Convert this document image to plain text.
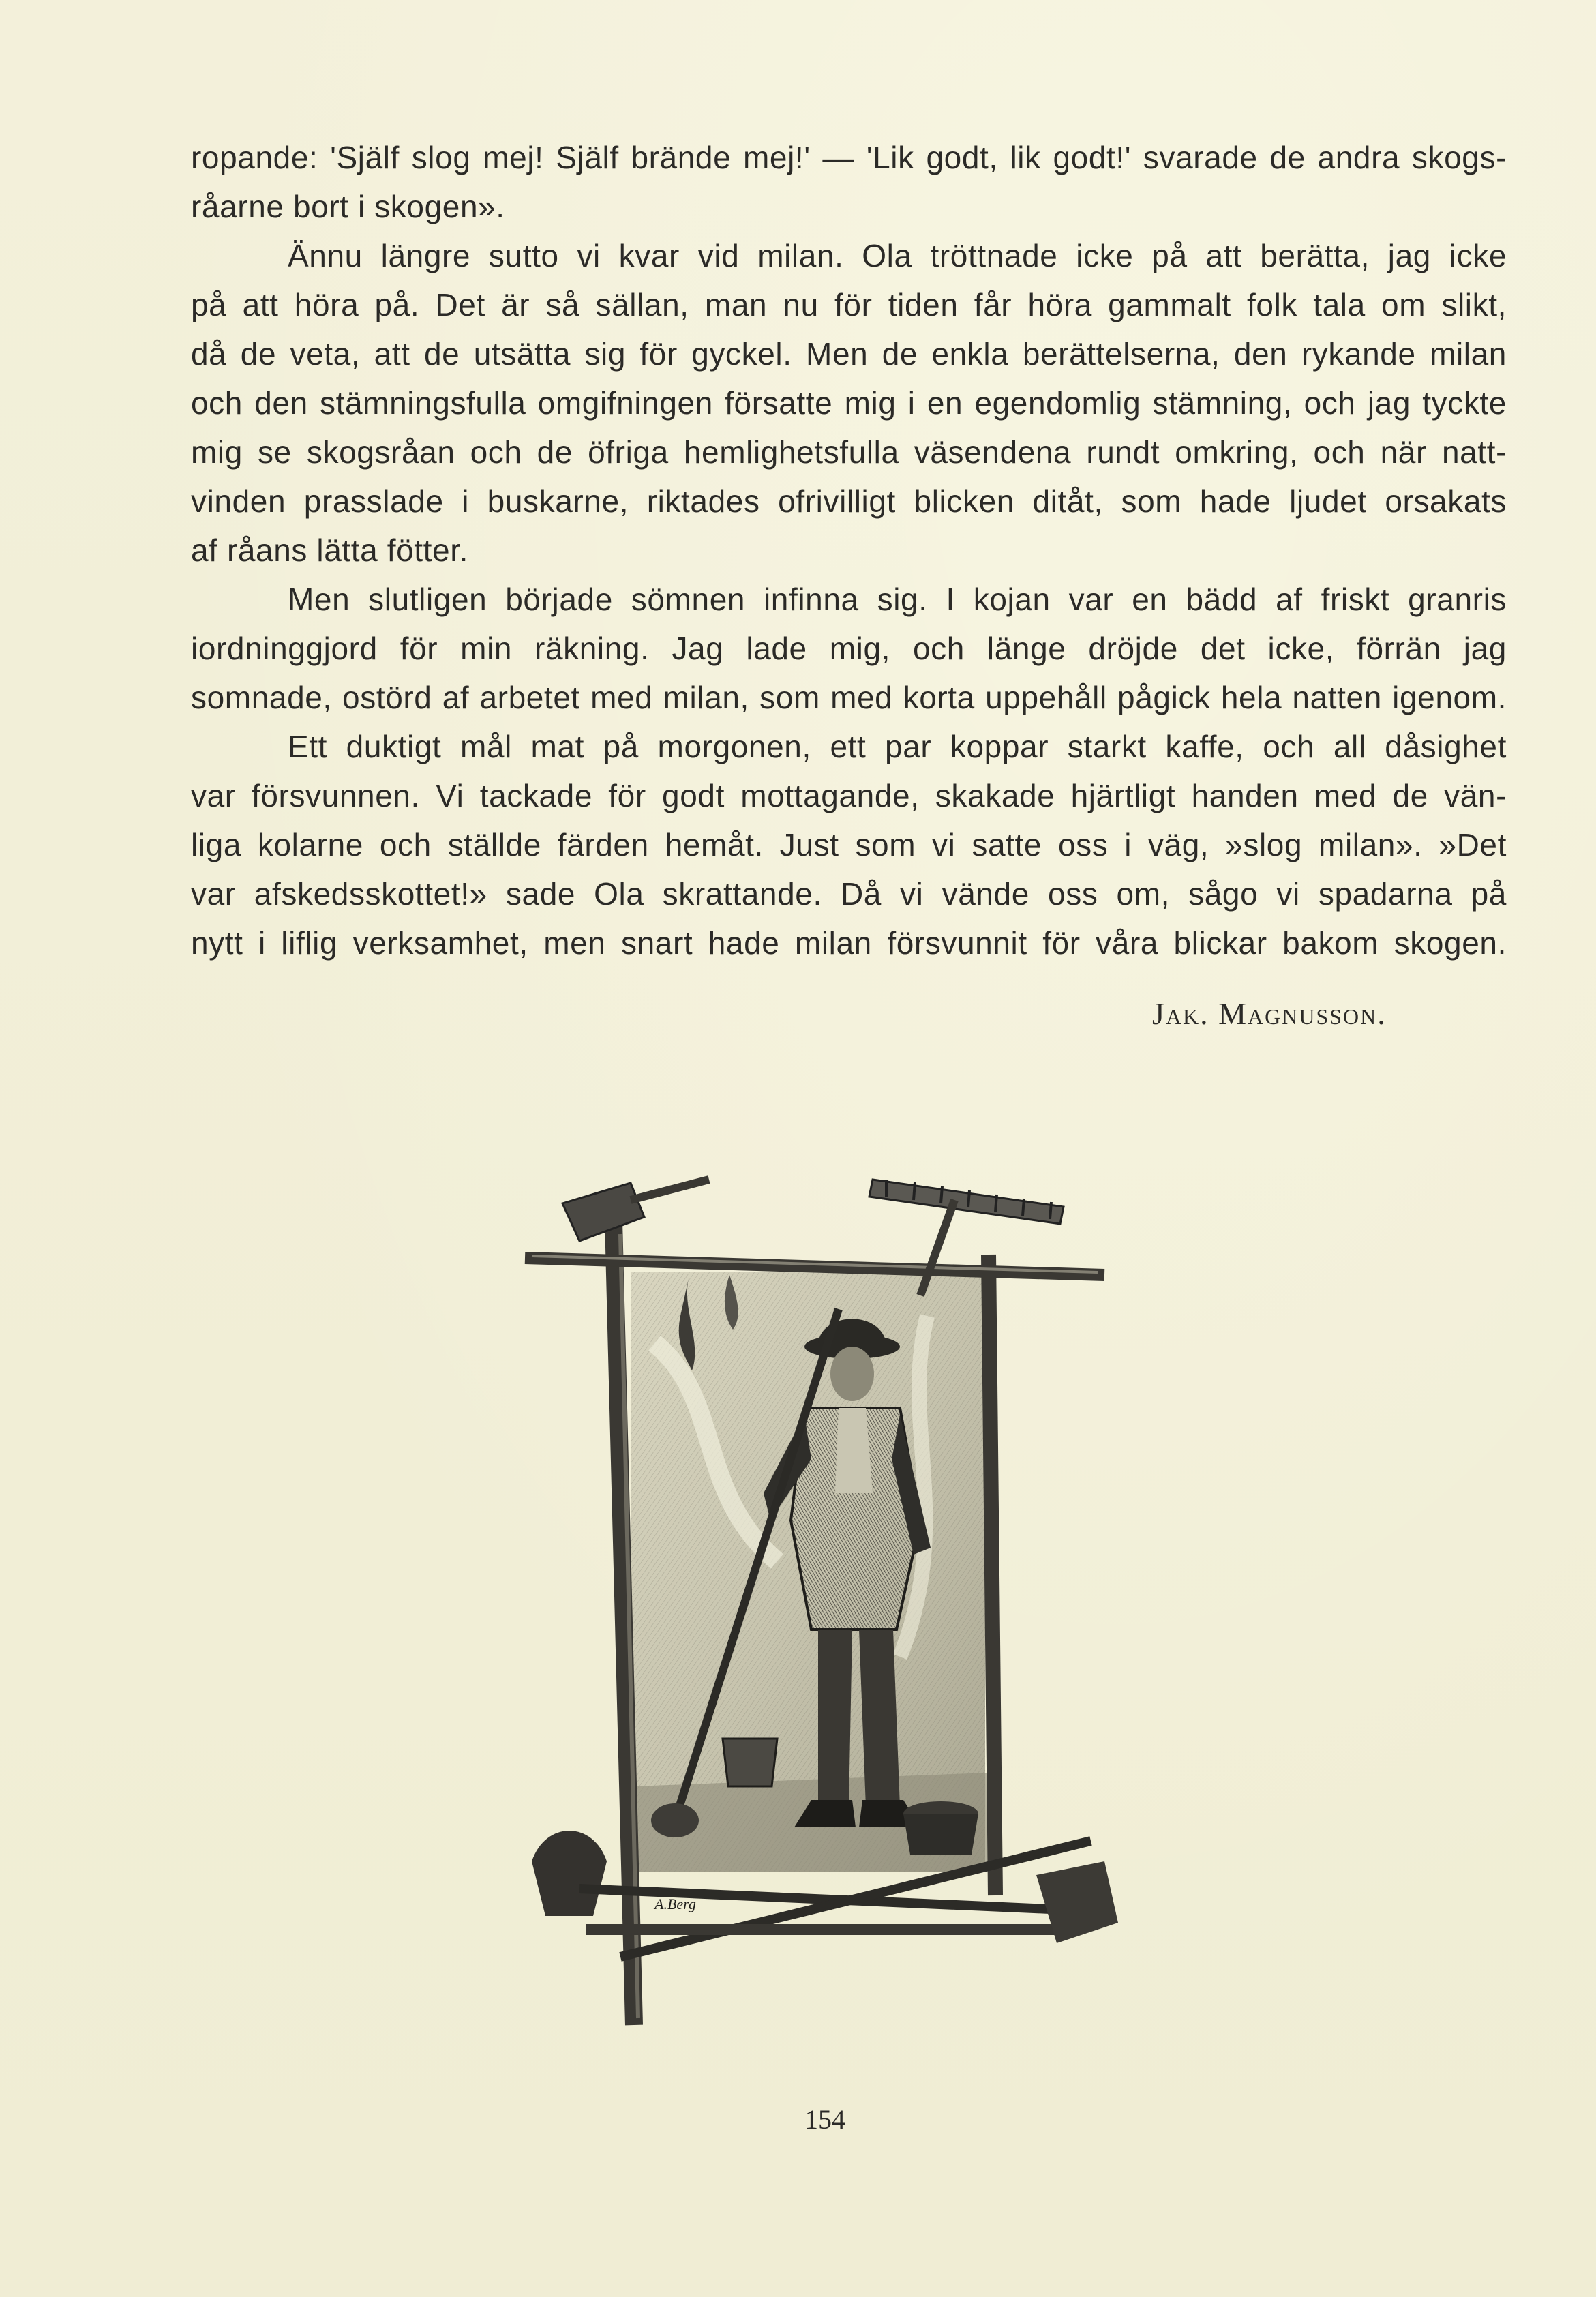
ropande: 'Själf slog mej! Själf brände mej!' — 'Lik godt, lik godt!' svarade de andra skogs-
råarne bort i skogen».

Ännu längre sutto vi kvar vid milan. Ola tröttnade icke på att berätta, jag icke
på att höra på. Det är så sällan, man nu för tiden får höra gammalt folk tala om slikt,
då de veta, att de utsätta sig för gyckel. Men de enkla berättelserna, den rykande milan
och den stämningsfulla omgifningen försatte mig i en egendomlig stämning, och jag tyckte
mig se skogsråan och de öfriga hemlighetsfulla väsendena rundt omkring, och när natt-
vinden prasslade i buskarne, riktades ofrivilligt blicken ditåt, som hade ljudet orsakats
af råans lätta fötter.

Men slutligen började sömnen infinna sig. I kojan var en bädd af friskt granris
iordninggjord för min räkning. Jag lade mig, och länge dröjde det icke, förrän jag
somnade, ostörd af arbetet med milan, som med korta uppehåll pågick hela natten igenom.

Ett duktigt mål mat på morgonen, ett par koppar starkt kaffe, och all dåsighet
var försvunnen. Vi tackade för godt mottagande, skakade hjärtligt handen med de vän-
liga kolarne och ställde färden hemåt. Just som vi satte oss i väg, »slog milan». »Det
var afskedsskottet!» sade Ola skrattande. Då vi vände oss om, sågo vi spadarna på
nytt i liflig verksamhet, men snart hade milan försvunnit för våra blickar bakom skogen.

Jak. Magnusson.
A.Berg
154
